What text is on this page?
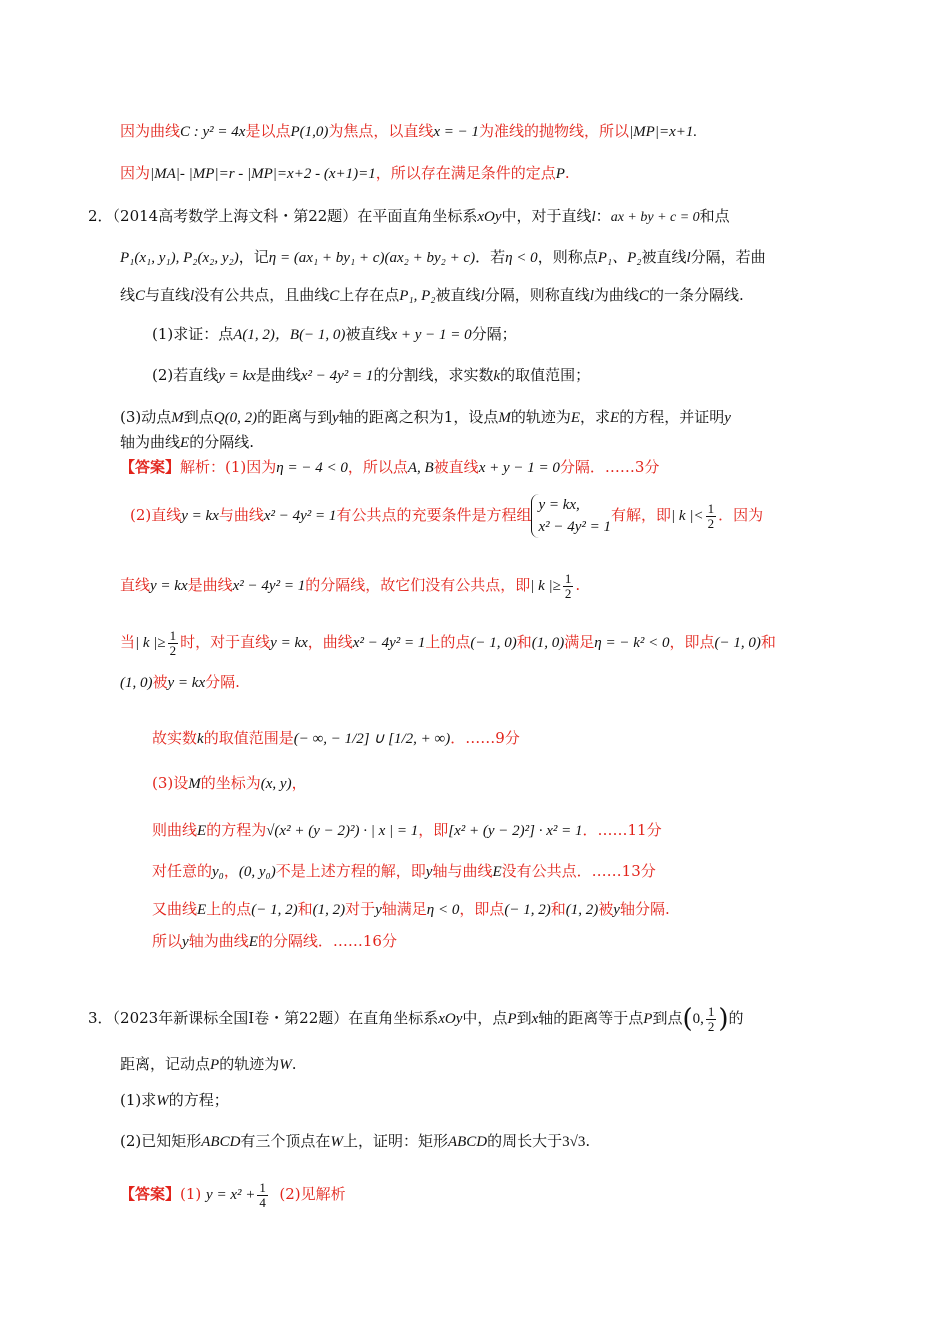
因为曲线C : y² = 4x是以点P(1,0)为焦点，以直线x = − 1为准线的抛物线，所以|MP|=x+1.
因为|MA|- |MP|=r - |MP|=x+2 - (x+1)=1，所以存在满足条件的定点P.
2．（2014高考数学上海文科・第22题）在平面直角坐标系xOy中，对于直线l：ax + by + c = 0和点
P₁(x₁, y₁), P₂(x₂, y₂)，记η = (ax₁ + by₁ + c)(ax₂ + by₂ + c)．若η < 0，则称点P₁、P₂被直线l分隔，若曲
线C与直线l没有公共点，且曲线C上存在点P₁, P₂被直线l分隔，则称直线l为曲线C的一条分隔线.
(1)求证：点A(1, 2)，B(− 1, 0)被直线x + y − 1 = 0分隔；
(2)若直线y = kx是曲线x² − 4y² = 1的分割线，求实数k的取值范围；
(3)动点M到点Q(0, 2)的距离与到y轴的距离之积为1，设点M的轨迹为E，求E的方程，并证明y
轴为曲线E的分隔线.
【答案】解析：(1)因为η = − 4 < 0，所以点A, B被直线x + y − 1 = 0分隔．……3分
(2)直线y = kx与曲线x² − 4y² = 1有公共点的充要条件是方程组
y = kx,
x² − 4y² = 1
有解，即| k |< $\frac{1}{2}$ ．因为
直线y = kx是曲线x² − 4y² = 1的分隔线，故它们没有公共点，即| k |≥ $\frac{1}{2}$ .
当| k |≥ $\frac{1}{2}$ 时，对于直线y = kx，曲线x² − 4y² = 1上的点(− 1, 0)和(1, 0)满足η = − k² < 0，即点(− 1, 0)和
(1, 0)被y = kx分隔.
故实数k的取值范围是(− ∞, − 1/2] ∪ [1/2, + ∞)．……9分
(3)设M的坐标为(x, y)，
则曲线E的方程为√(x² + (y − 2)²) · | x | = 1，即[x² + (y − 2)²] · x² = 1．……11分
对任意的y₀，(0, y₀)不是上述方程的解，即y轴与曲线E没有公共点．……13分
又曲线E上的点(− 1, 2)和(1, 2)对于y轴满足η < 0，即点(− 1, 2)和(1, 2)被y轴分隔.
所以y轴为曲线E的分隔线．……16分
3．（2023年新课标全国Ⅰ卷・第22题）在直角坐标系xOy中，点P到x轴的距离等于点P到点(0, $\frac{1}{2}$ )的
距离，记动点P的轨迹为W.
(1)求W的方程；
(2)已知矩形ABCD有三个顶点在W上，证明：矩形ABCD的周长大于3√3.
【答案】(1) $y = x^2 + \frac{1}{4} (2)$见解析
